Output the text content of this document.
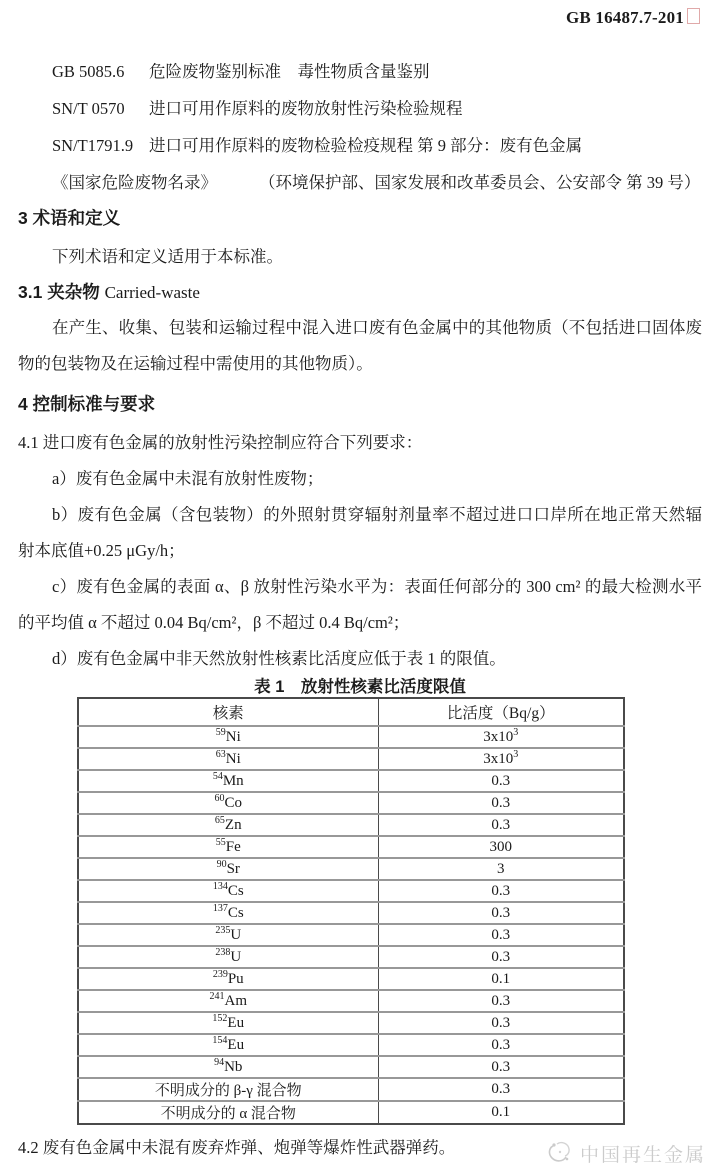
GB 16487.7-201
GB 5085.6	危险废物鉴别标准　毒性物质含量鉴别
SN/T 0570	进口可用作原料的废物放射性污染检验规程
SN/T1791.9 进口可用作原料的废物检验检疫规程 第 9 部分：废有色金属
《国家危险废物名录》	（环境保护部、国家发展和改革委员会、公安部令 第 39 号）
3 术语和定义

下列术语和定义适用于本标准。

3.1 夹杂物 Carried-waste

在产生、收集、包装和运输过程中混入进口废有色金属中的其他物质（不包括进口固体废物的包装物及在运输过程中需使用的其他物质）。

4 控制标准与要求

4.1 进口废有色金属的放射性污染控制应符合下列要求：

a）废有色金属中未混有放射性废物；

b）废有色金属（含包装物）的外照射贯穿辐射剂量率不超过进口口岸所在地正常天然辐射本底值+0.25 μGy/h；

c）废有色金属的表面 α、β 放射性污染水平为：表面任何部分的 300 cm² 的最大检测水平的平均值 α 不超过 0.04 Bq/cm²，β 不超过 0.4 Bq/cm²；

d）废有色金属中非天然放射性核素比活度应低于表 1 的限值。

表 1　放射性核素比活度限值
核素	比活度（Bq/g）
$^{59}$Ni	$3x10^3$
$^{63}$Ni	$3x10^3$
$^{54}$Mn	0.3
$^{60}$Co	0.3
$^{65}$Zn	0.3
$^{55}$Fe	300
$^{90}$Sr	3
$^{134}$Cs	0.3
$^{137}$Cs	0.3
$^{235}$U	0.3
$^{238}$U	0.3
$^{239}$Pu	0.1
$^{241}$Am	0.3
$^{152}$Eu	0.3
$^{154}$Eu	0.3
$^{94}$Nb	0.3
不明成分的 β-γ 混合物	0.3
不明成分的 α 混合物	0.1

4.2 废有色金属中未混有废弃炸弹、炮弹等爆炸性武器弹药。	中国再生金属
